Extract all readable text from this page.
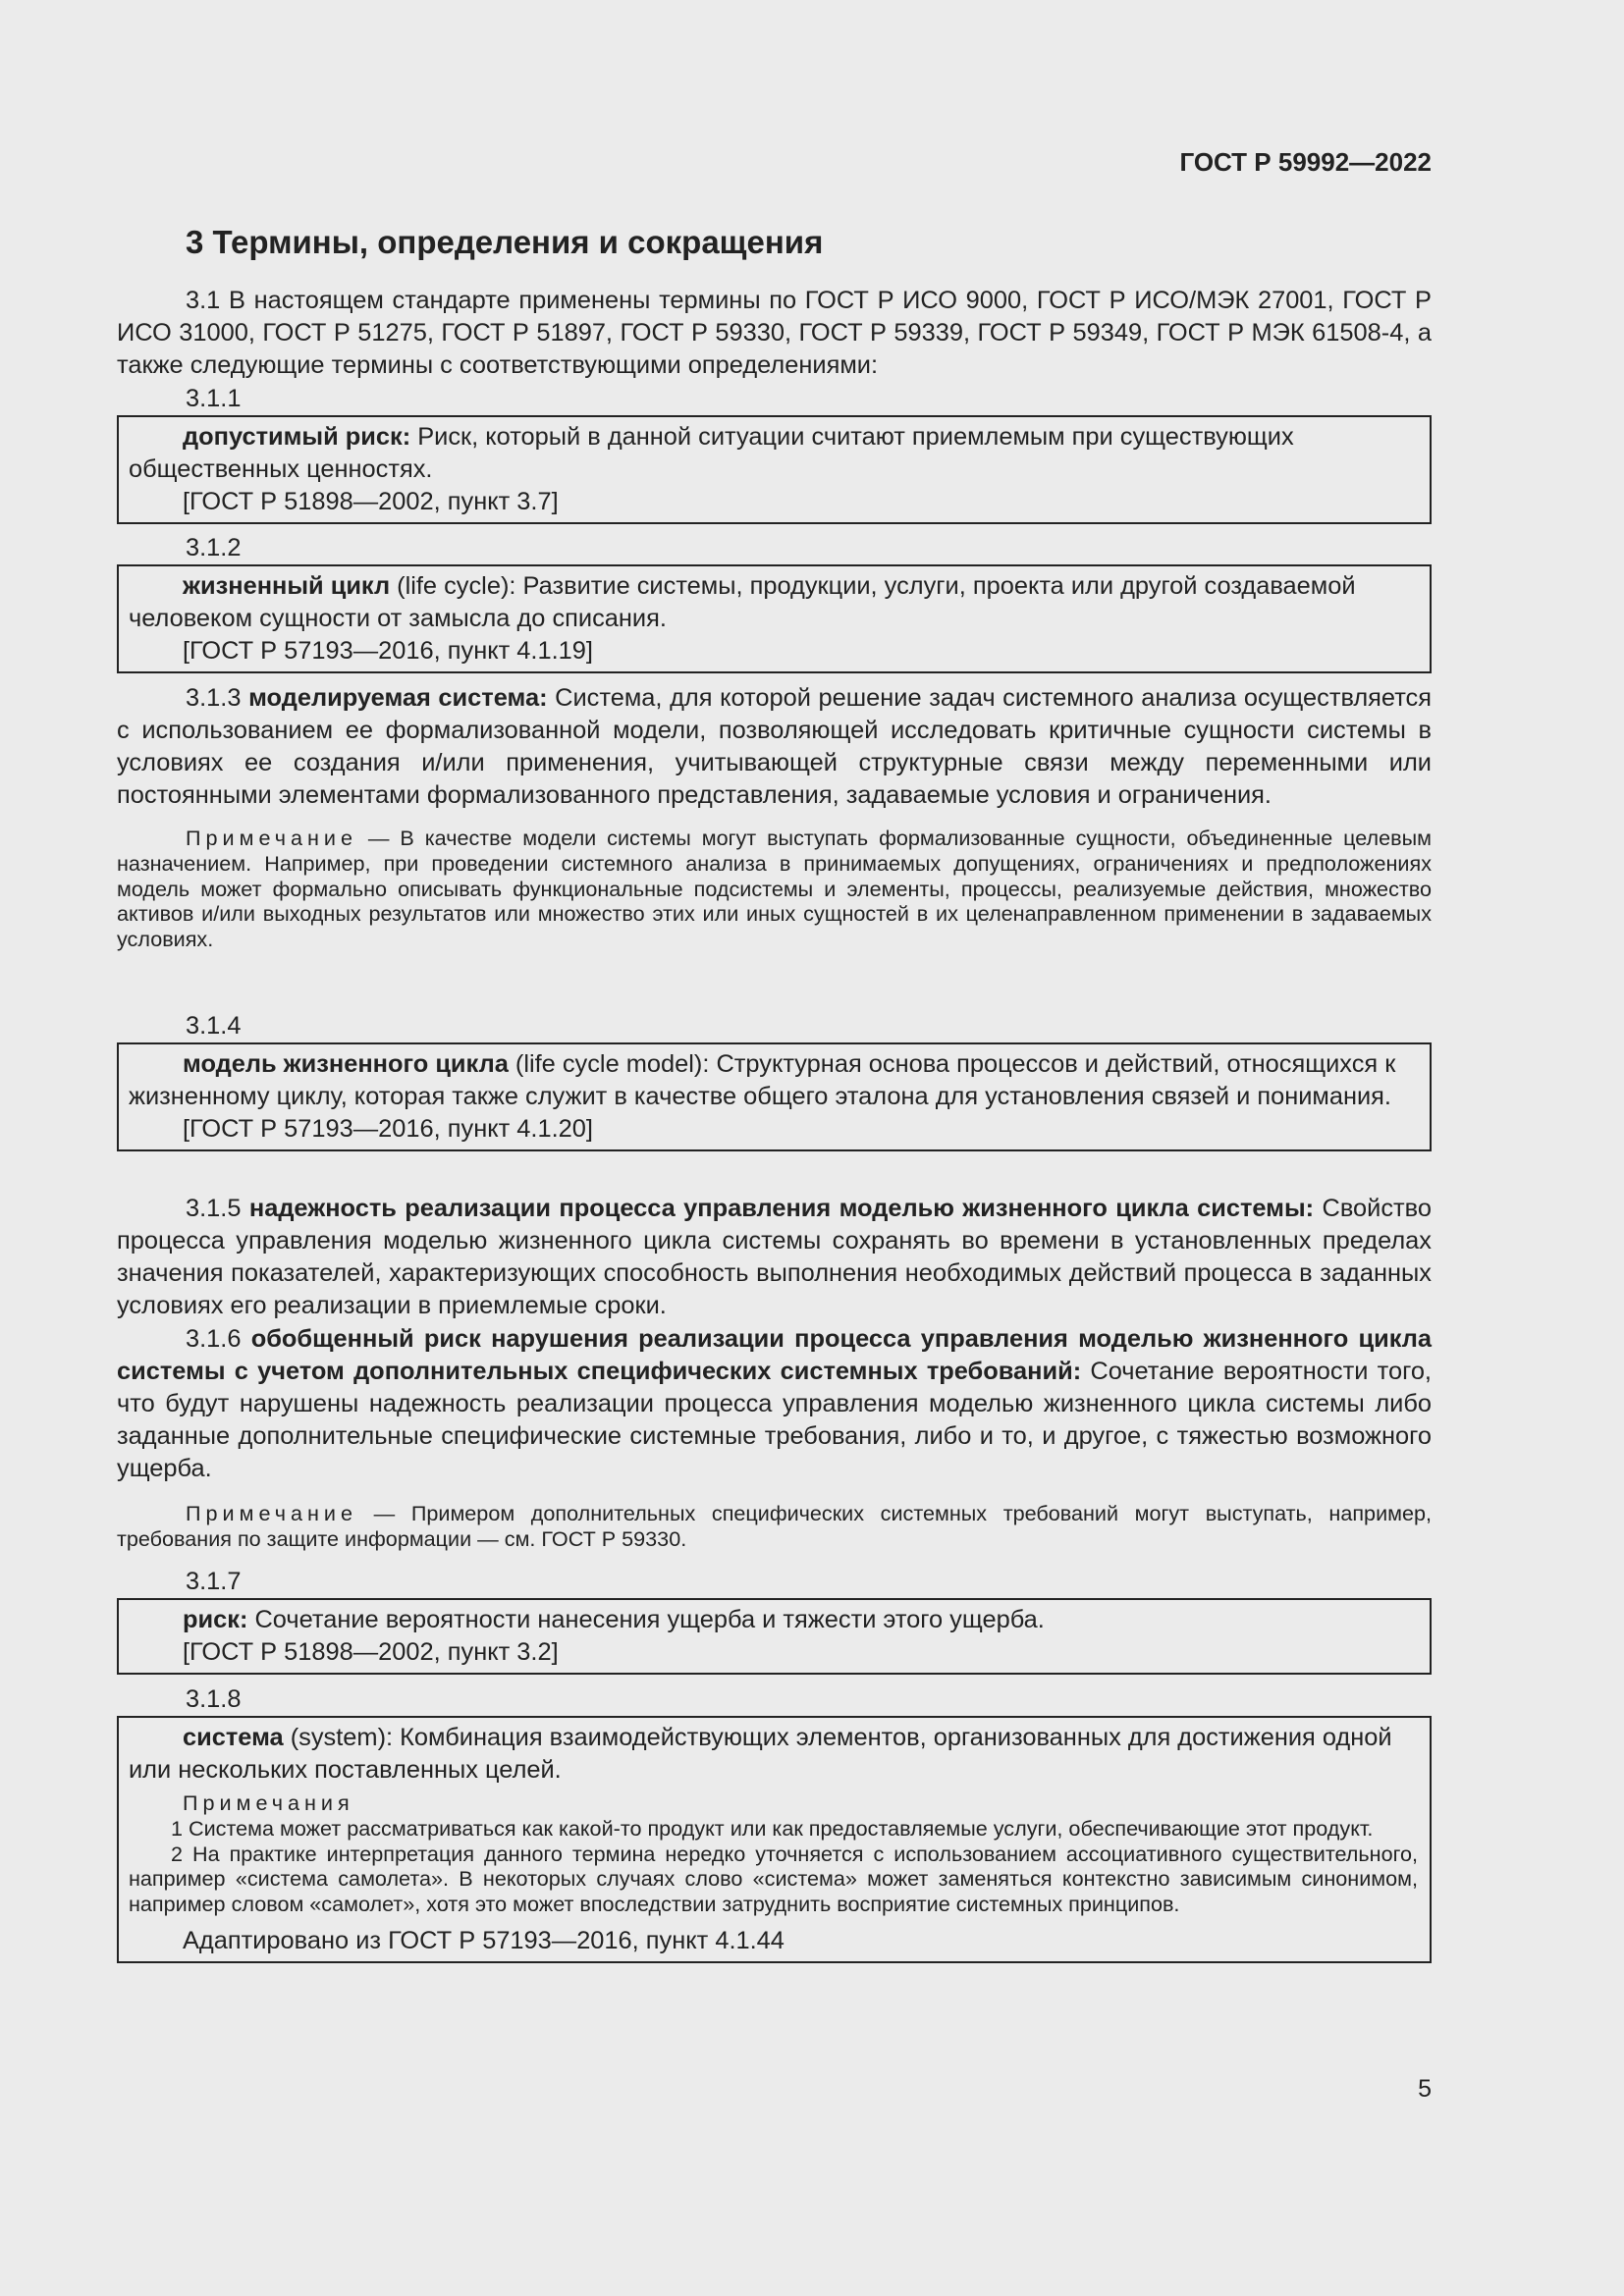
ГОСТ Р 59992—2022
3 Термины, определения и сокращения

3.1 В настоящем стандарте применены термины по ГОСТ Р ИСО 9000, ГОСТ Р ИСО/МЭК 27001, ГОСТ Р ИСО 31000, ГОСТ Р 51275, ГОСТ Р 51897, ГОСТ Р 59330, ГОСТ Р 59339, ГОСТ Р 59349, ГОСТ Р МЭК 61508-4, а также следующие термины с соответствующими определениями:

3.1.1

допустимый риск: Риск, который в данной ситуации считают приемлемым при существующих общественных ценностях.

[ГОСТ Р 51898—2002, пункт 3.7]

3.1.2

жизненный цикл (life cycle): Развитие системы, продукции, услуги, проекта или другой создаваемой человеком сущности от замысла до списания.

[ГОСТ Р 57193—2016, пункт 4.1.19]

3.1.3 моделируемая система: Система, для которой решение задач системного анализа осуществляется с использованием ее формализованной модели, позволяющей исследовать критичные сущности системы в условиях ее создания и/или применения, учитывающей структурные связи между переменными или постоянными элементами формализованного представления, задаваемые условия и ограничения.

Примечание — В качестве модели системы могут выступать формализованные сущности, объединенные целевым назначением. Например, при проведении системного анализа в принимаемых допущениях, ограничениях и предположениях модель может формально описывать функциональные подсистемы и элементы, процессы, реализуемые действия, множество активов и/или выходных результатов или множество этих или иных сущностей в их целенаправленном применении в задаваемых условиях.

3.1.4

модель жизненного цикла (life cycle model): Структурная основа процессов и действий, относящихся к жизненному циклу, которая также служит в качестве общего эталона для установления связей и понимания.

[ГОСТ Р 57193—2016, пункт 4.1.20]

3.1.5 надежность реализации процесса управления моделью жизненного цикла системы: Свойство процесса управления моделью жизненного цикла системы сохранять во времени в установленных пределах значения показателей, характеризующих способность выполнения необходимых действий процесса в заданных условиях его реализации в приемлемые сроки.

3.1.6 обобщенный риск нарушения реализации процесса управления моделью жизненного цикла системы с учетом дополнительных специфических системных требований: Сочетание вероятности того, что будут нарушены надежность реализации процесса управления моделью жизненного цикла системы либо заданные дополнительные специфические системные требования, либо и то, и другое, с тяжестью возможного ущерба.

Примечание — Примером дополнительных специфических системных требований могут выступать, например, требования по защите информации — см. ГОСТ Р 59330.

3.1.7

риск: Сочетание вероятности нанесения ущерба и тяжести этого ущерба.

[ГОСТ Р 51898—2002, пункт 3.2]

3.1.8

система (system): Комбинация взаимодействующих элементов, организованных для достижения одной или нескольких поставленных целей.

Примечания

1 Система может рассматриваться как какой-то продукт или как предоставляемые услуги, обеспечивающие этот продукт.

2 На практике интерпретация данного термина нередко уточняется с использованием ассоциативного существительного, например «система самолета». В некоторых случаях слово «система» может заменяться контекстно зависимым синонимом, например словом «самолет», хотя это может впоследствии затруднить восприятие системных принципов.

Адаптировано из ГОСТ Р 57193—2016, пункт 4.1.44

5
